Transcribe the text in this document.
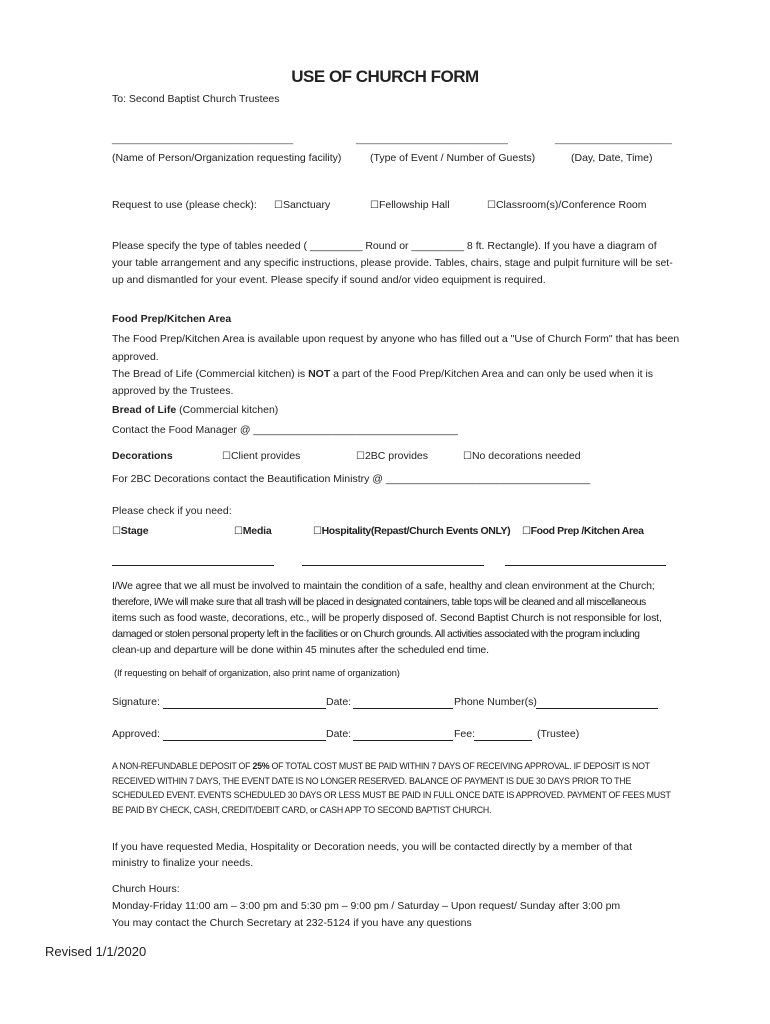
USE OF CHURCH FORM
To: Second Baptist Church Trustees
_______________________________	__________________________	____________________
(Name of Person/Organization requesting facility)	(Type of Event / Number of Guests)	(Day, Date, Time)
Request to use (please check):	☐ Sanctuary	☐ Fellowship Hall	☐ Classroom(s)/Conference Room
Please specify the type of tables needed ( _________ Round or _________ 8 ft. Rectangle). If you have a diagram of
your table arrangement and any specific instructions, please provide. Tables, chairs, stage and pulpit furniture will be set-
up and dismantled for your event. Please specify if sound and/or video equipment is required.
Food Prep/Kitchen Area
The Food Prep/Kitchen Area is available upon request by anyone who has filled out a "Use of Church Form" that has been
approved.
The Bread of Life (Commercial kitchen) is NOT a part of the Food Prep/Kitchen Area and can only be used when it is
approved by the Trustees.
Bread of Life (Commercial kitchen)
Contact the Food Manager @ ___________________________________
Decorations	☐ Client provides	☐ 2BC provides	☐ No decorations needed
For 2BC Decorations contact the Beautification Ministry @ ___________________________________
Please check if you need:
☐ Stage	☐ Media	☐ Hospitality(Repast/Church Events ONLY)	☐ Food Prep /Kitchen Area
I/We agree that we all must be involved to maintain the condition of a safe, healthy and clean environment at the Church;
therefore, I/We will make sure that all trash will be placed in designated containers, table tops will be cleaned and all miscellaneous
items such as food waste, decorations, etc., will be properly disposed of. Second Baptist Church is not responsible for lost,
damaged or stolen personal property left in the facilities or on Church grounds. All activities associated with the program including
clean-up and departure will be done within 45 minutes after the scheduled end time.
(If requesting on behalf of organization, also print name of organization)
Signature:	Date:	Phone Number(s)
Approved:	Date:	Fee:	(Trustee)
A NON-REFUNDABLE DEPOSIT OF 25% OF TOTAL COST MUST BE PAID WITHIN 7 DAYS OF RECEIVING APPROVAL. IF DEPOSIT IS NOT
RECEIVED WITHIN 7 DAYS, THE EVENT DATE IS NO LONGER RESERVED. BALANCE OF PAYMENT IS DUE 30 DAYS PRIOR TO THE
SCHEDULED EVENT. EVENTS SCHEDULED 30 DAYS OR LESS MUST BE PAID IN FULL ONCE DATE IS APPROVED. PAYMENT OF FEES MUST
BE PAID BY CHECK, CASH, CREDIT/DEBIT CARD, or CASH APP TO SECOND BAPTIST CHURCH.
If you have requested Media, Hospitality or Decoration needs, you will be contacted directly by a member of that
ministry to finalize your needs.
Church Hours:
Monday-Friday 11:00 am – 3:00 pm and 5:30 pm – 9:00 pm / Saturday – Upon request/ Sunday after 3:00 pm
You may contact the Church Secretary at 232-5124 if you have any questions
Revised 1/1/2020
